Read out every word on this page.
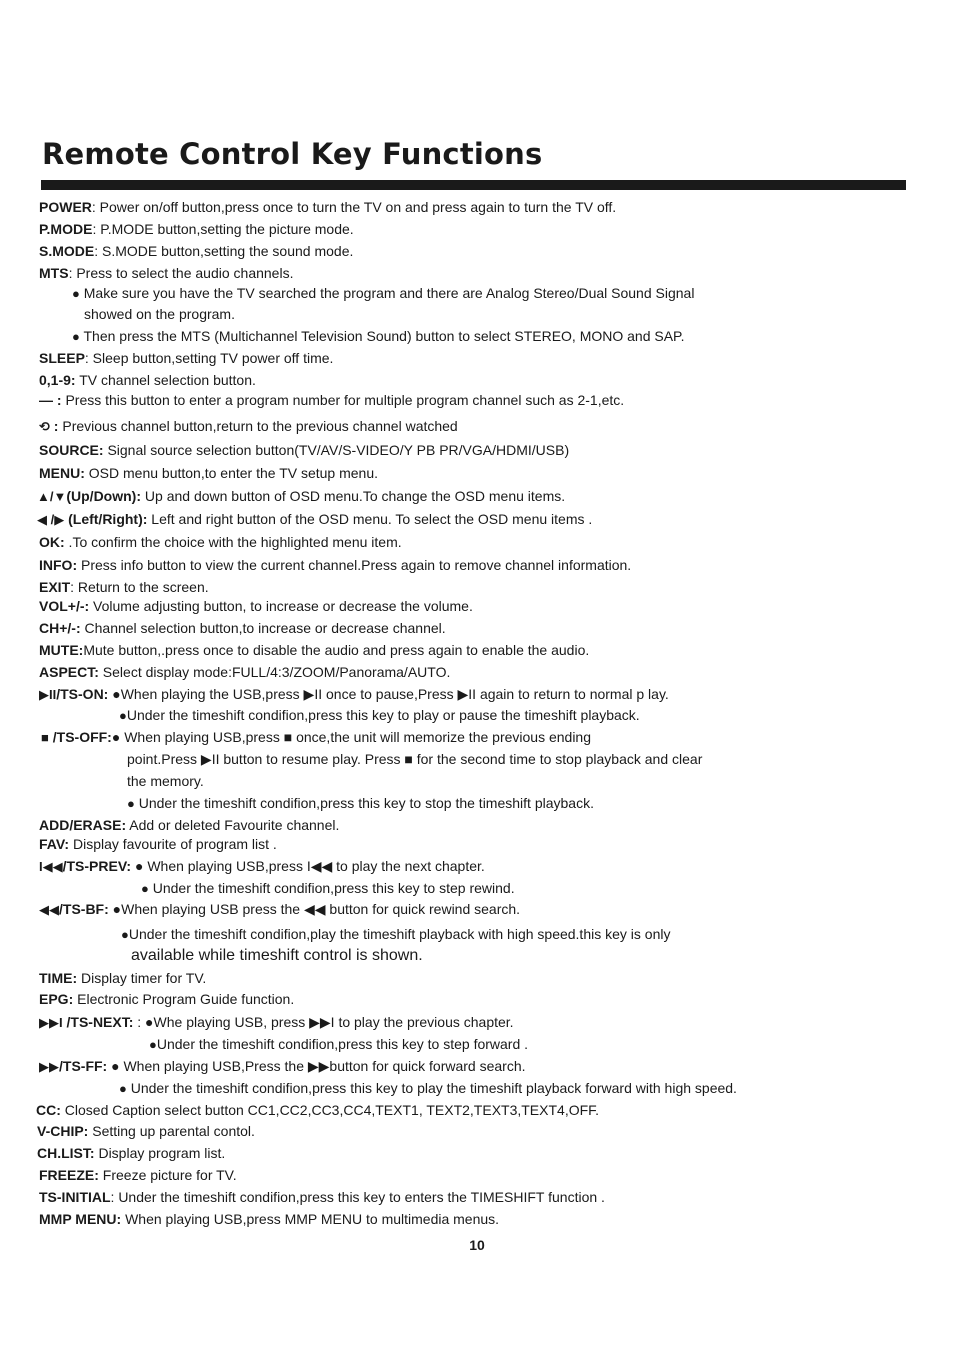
Remote Control Key Functions
POWER: Power on/off button,press once to turn the TV on and press again to turn the TV off.
P.MODE: P.MODE button,setting the picture mode.
S.MODE: S.MODE button,setting the sound mode.
MTS: Press to select the audio channels.
● Make sure you have the TV searched the program and there are Analog Stereo/Dual Sound Signal
showed on the program.
● Then press the MTS (Multichannel Television Sound) button to select STEREO, MONO and SAP.
SLEEP: Sleep button,setting TV power off time.
0,1-9: TV channel selection button.
— : Press this button to enter a program number for multiple program channel such as 2-1,etc.
⟲ : Previous channel button,return to the previous channel watched
SOURCE: Signal source selection button(TV/AV/S-VIDEO/Y PB PR/VGA/HDMI/USB)
MENU: OSD menu button,to enter the TV setup menu.
▲/▼(Up/Down): Up and down button of OSD menu.To change the OSD menu items.
◀ /▶ (Left/Right): Left and right button of the OSD menu. To select the OSD menu items .
OK: .To confirm the choice with the highlighted menu item.
INFO: Press info button to view the current channel.Press again to remove channel information.
EXIT: Return to the screen.
VOL+/-: Volume adjusting button, to increase or decrease the volume.
CH+/-: Channel selection button,to increase or decrease channel.
MUTE:Mute button,.press once to disable the audio and press again to enable the audio.
ASPECT: Select display mode:FULL/4:3/ZOOM/Panorama/AUTO.
▶II/TS-ON: ●When playing the USB,press ▶II once to pause,Press ▶II again to return to normal p lay.
●Under the timeshift condifion,press this key to play or pause the timeshift playback.
■ /TS-OFF:● When playing USB,press ■ once,the unit will memorize the previous ending
point.Press ▶II button to resume play. Press ■ for the second time to stop playback and clear
the memory.
● Under the timeshift condifion,press this key to stop the timeshift playback.
ADD/ERASE: Add or deleted Favourite channel.
FAV: Display favourite of program list .
I◀◀/TS-PREV: ● When playing USB,press I◀◀ to play the next chapter.
● Under the timeshift condifion,press this key to step rewind.
◀◀/TS-BF: ●When playing USB press the ◀◀ button for quick rewind search.
●Under the timeshift condifion,play the timeshift playback with high speed.this key is only
available while timeshift control is shown.
TIME: Display timer for TV.
EPG: Electronic Program Guide function.
▶▶I /TS-NEXT: : ●Whe playing USB, press ▶▶I to play the previous chapter.
●Under the timeshift condifion,press this key to step forward .
▶▶/TS-FF: ● When playing USB,Press the ▶▶button for quick forward search.
● Under the timeshift condifion,press this key to play the timeshift playback forward with high speed.
CC: Closed Caption select button CC1,CC2,CC3,CC4,TEXT1, TEXT2,TEXT3,TEXT4,OFF.
V-CHIP: Setting up parental contol.
CH.LIST: Display program list.
FREEZE: Freeze picture for TV.
TS-INITIAL: Under the timeshift condifion,press this key to enters the TIMESHIFT function .
MMP MENU: When playing USB,press MMP MENU to multimedia menus.
10
